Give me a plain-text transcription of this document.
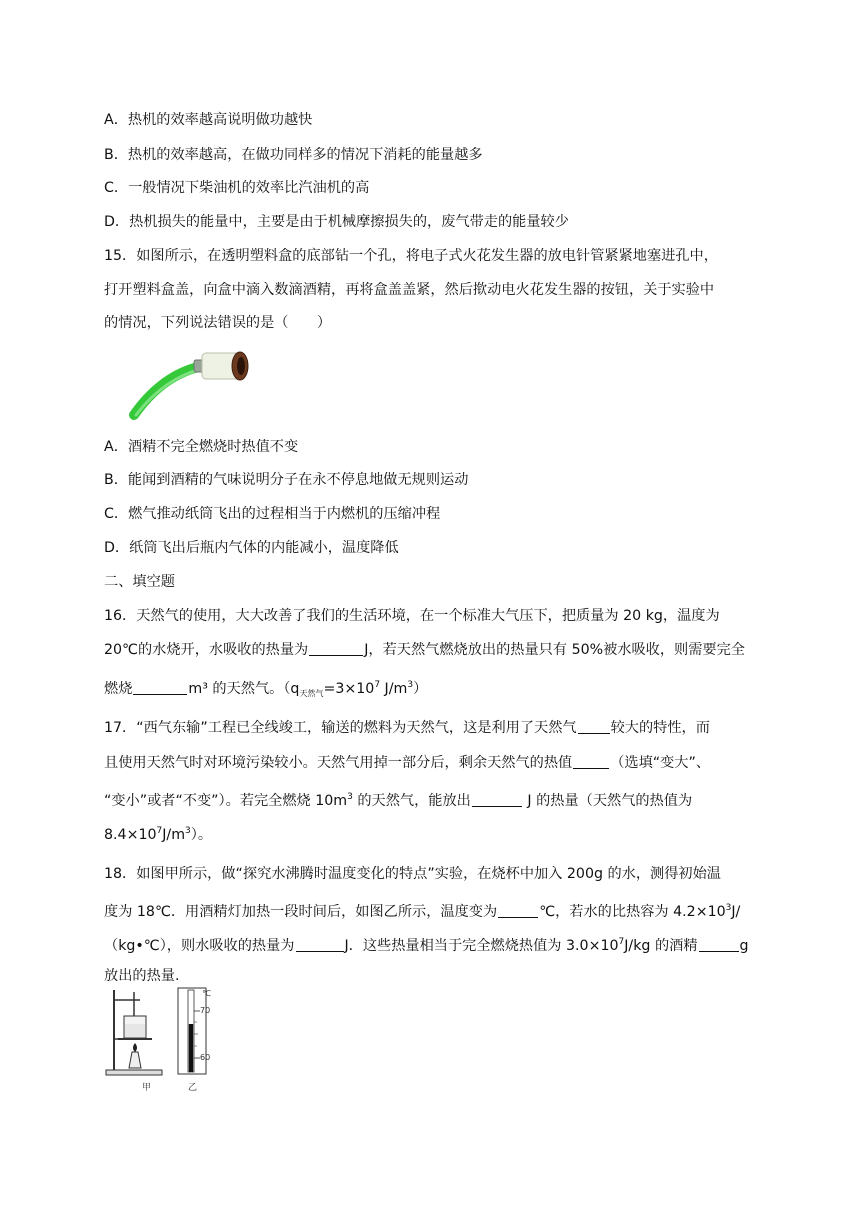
A．热机的效率越高说明做功越快
B．热机的效率越高，在做功同样多的情况下消耗的能量越多
C．一般情况下柴油机的效率比汽油机的高
D．热机损失的能量中，主要是由于机械摩擦损失的，废气带走的能量较少
15．如图所示，在透明塑料盒的底部钻一个孔，将电子式火花发生器的放电针管紧紧地塞进孔中，
打开塑料盒盖，向盒中滴入数滴酒精，再将盒盖盖紧，然后揿动电火花发生器的按钮，关于实验中
的情况，下列说法错误的是（　　）
A．酒精不完全燃烧时热值不变
B．能闻到酒精的气味说明分子在永不停息地做无规则运动
C．燃气推动纸筒飞出的过程相当于内燃机的压缩冲程
D．纸筒飞出后瓶内气体的内能减小，温度降低
二、填空题
16．天然气的使用，大大改善了我们的生活环境，在一个标准大气压下，把质量为 20 kg，温度为
20℃的水烧开，水吸收的热量为	J，若天然气燃烧放出的热量只有 50%被水吸收，则需要完全
燃烧	m³ 的天然气。（$q_{天然气}=3\times 10^7$ $J/m^3$）
17．“西气东输”工程已全线竣工，输送的燃料为天然气，这是利用了天然气 较大的特性，而
且使用天然气时对环境污染较小。天然气用掉一部分后，剩余天然气的热值	（选填“变大”、
“变小”或者“不变”）。若完全燃烧 $10m^3$ 的天然气，能放出	J 的热量（天然气的热值为
$8.4\times 10^7J/m^3$）。
18．如图甲所示，做“探究水沸腾时温度变化的特点”实验，在烧杯中加入 200g 的水，测得初始温
度为 18℃．用酒精灯加热一段时间后，如图乙所示，温度变为	℃，若水的比热容为 $4.2\times 10^3J/$
（kg•℃），则水吸收的热量为	J．这些热量相当于完全燃烧热值为 $3.0\times 10^7J/kg$ 的酒精	g
放出的热量.
℃
70
60
甲	乙
